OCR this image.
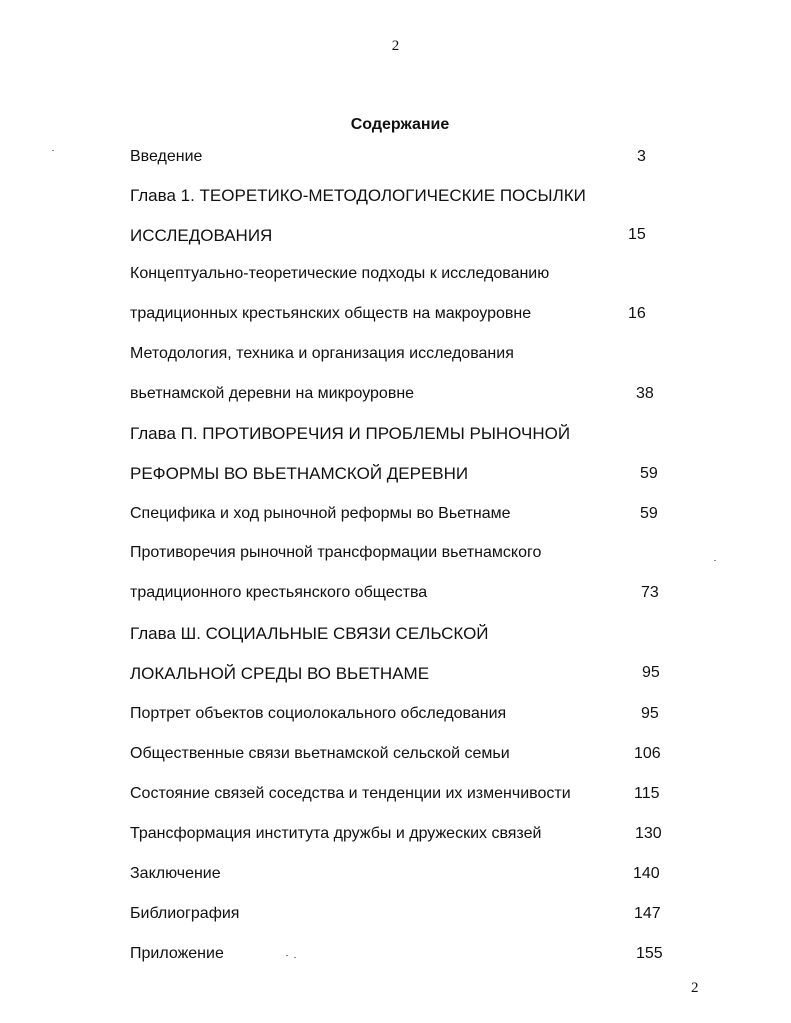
2
Содержание
Введение	3
Глава 1. ТЕОРЕТИКО-МЕТОДОЛОГИЧЕСКИЕ ПОСЫЛКИ
ИССЛЕДОВАНИЯ	15
Концептуально-теоретические подходы к исследованию
традиционных крестьянских обществ на макроуровне	16
Методология, техника и организация исследования
вьетнамской деревни на микроуровне	38
Глава П. ПРОТИВОРЕЧИЯ И ПРОБЛЕМЫ РЫНОЧНОЙ
РЕФОРМЫ ВО ВЬЕТНАМСКОЙ ДЕРЕВНИ	59
Специфика и ход рыночной реформы во Вьетнаме	59
Противоречия рыночной трансформации вьетнамского
традиционного крестьянского общества	73
Глава Ш. СОЦИАЛЬНЫЕ СВЯЗИ СЕЛЬСКОЙ
ЛОКАЛЬНОЙ СРЕДЫ ВО ВЬЕТНАМЕ	95
Портрет объектов социолокального обследования	95
Общественные связи вьетнамской сельской семьи	106
Состояние связей соседства и тенденции их изменчивости	115
Трансформация института дружбы и дружеских связей	130
Заключение	140
Библиография	147
Приложение	155
2
